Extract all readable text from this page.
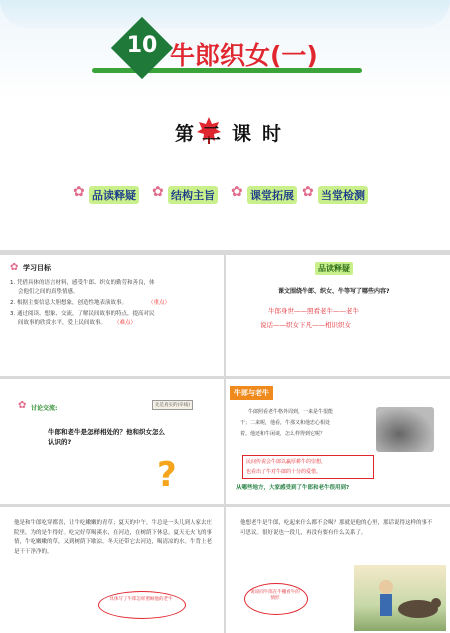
10 牛郎织女(一)
第 二 课 时
✿ 品读释疑 ✿ 结构主旨 ✿ 课堂拓展 ✿ 当堂检测
✿ 学习目标
1. 凭借具体的语言材料，感受牛郎、织女的勤劳和善良，体
会他们之间的真挚情感。
2. 根据主要信息大胆想象，创造性地表演故事。	（重点）
3. 通过阅读、想象、交流，了解民间故事的特点，提高对民
间故事的欣赏水平，爱上民间故事。 （难点）
品读释疑
课文围绕牛郎、织女、牛等写了哪些内容?
牛郎身世——照看老牛——老牛
说话——织女下凡——相识织女
✿ 讨论交流:	先是真实的(牵线)
牛郎和老牛是怎样相处的？他和织女怎么
认识的?
?
牛郎与老牛
牛郎照看老牛格外周到，一来是牛很能
干；二来呢，他看，牛那又和他忠心相处
着。他还和牛闲谈，怎么样得到它呢？
民间传说会牛郎以赢厚耕牛的崇想，
也看出了牛对牛郎的十分的爱惜。
从哪些地方，大家感受到了牛郎和老牛很用到?
他是和牛郎吃穿都喜，让牛吃嫩嫩的青草；夏天的中午，牛总是一头儿到人家去庄院里，为的是牛得好。吃完好草喝溪水，在河边，在树荫下休息。夏天无火飞的事情，牛吃嫩嫩的草，又到树荫下歇凉。冬天还带它去河边，喝清凉的水。牛背上老是干干净净的。
具体写了牛郎怎样照顾他的老牛
他想老牛是牛郎，吃起来什么都不会喝？那就是他的心里，那话说得这样的事不可思议。很好说也一段儿，再没有要有什么关系了。
说说同牛郎在牛棚看牛的情形
